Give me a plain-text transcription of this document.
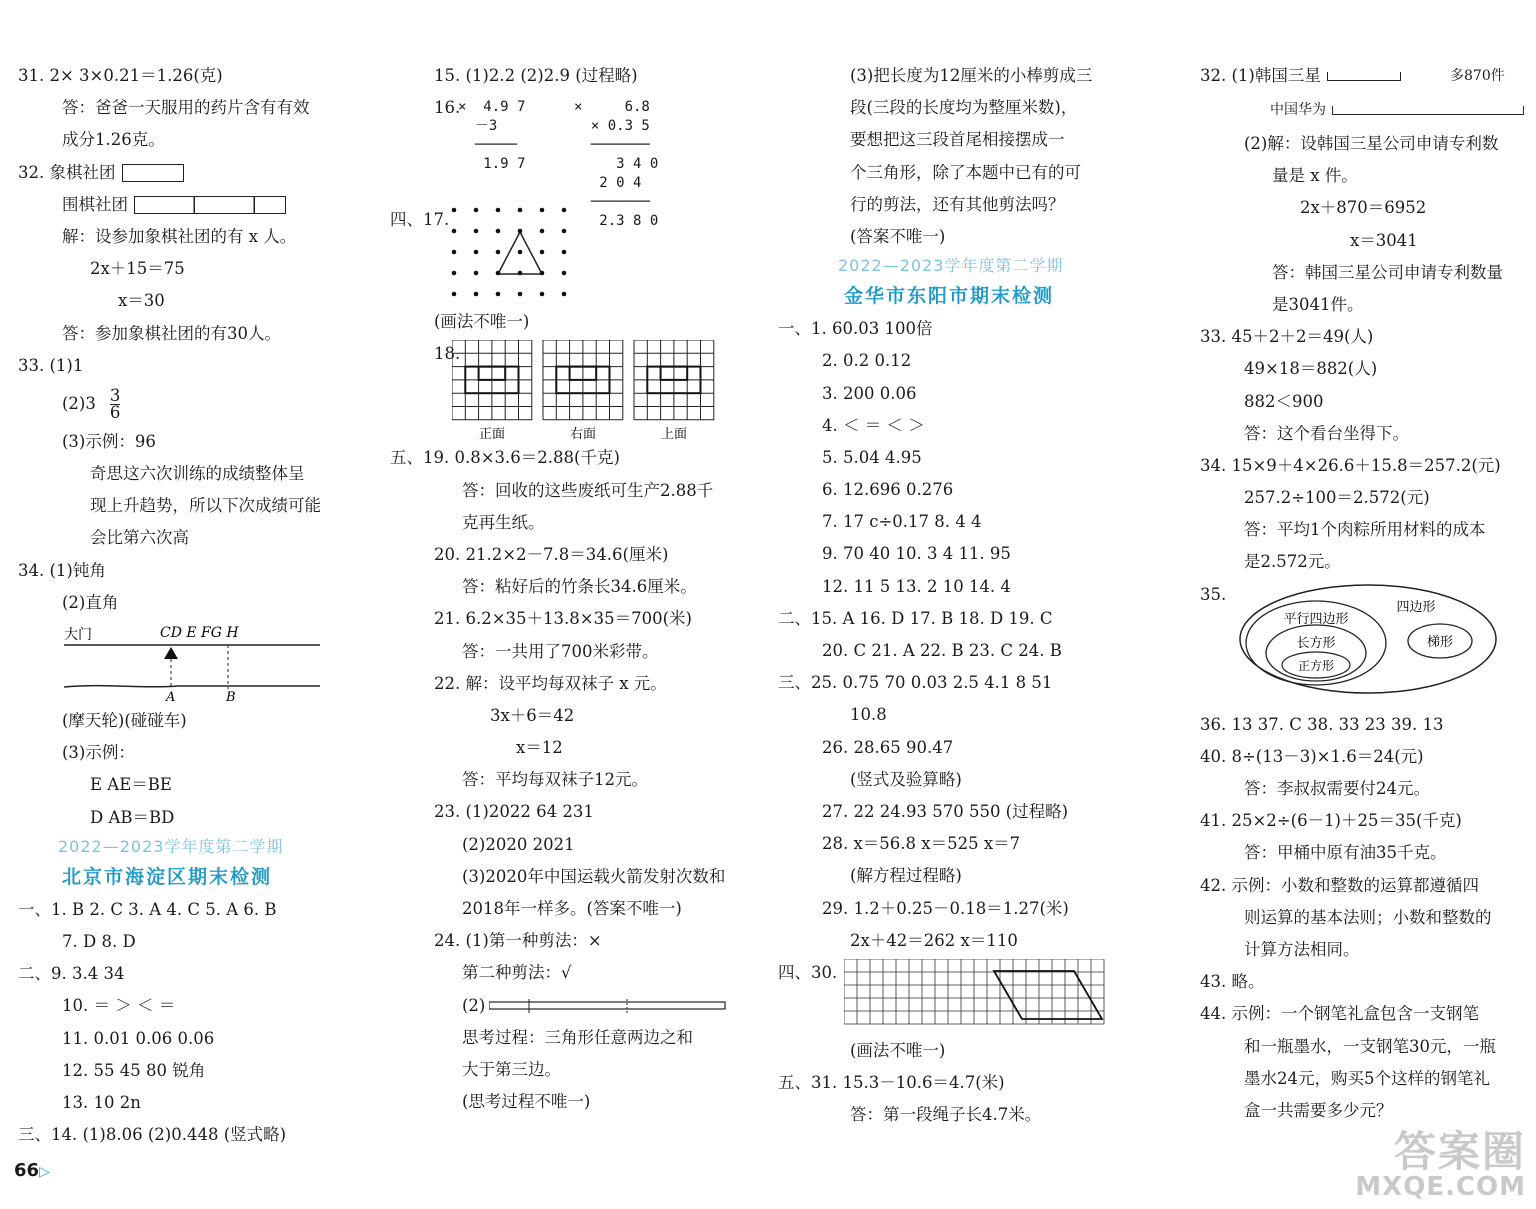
31. 2× 3×0.21＝1.26(克)
答：爸爸一天服用的药片含有有效
成分1.26克。
32. 象棋社团
围棋社团
解：设参加象棋社团的有 x 人。
2x＋15＝75
x＝30
答：参加象棋社团的有30人。
33. (1)1
$(2)3 \frac{3}{6}$
(3)示例：96
奇思这六次训练的成绩整体呈
现上升趋势，所以下次成绩可能
会比第六次高
34. (1)钝角
(2)直角
大门	CD E FG H
A	B
(摩天轮)(碰碰车)
(3)示例：
E AE＝BE
D AB＝BD
2022—2023学年度第二学期
北京市海淀区期末检测
一、1. B 2. C 3. A 4. C 5. A 6. B
7. D 8. D
二、9. 3.4 34
10. ＝ ＞ ＜ ＝
11. 0.01 0.06 0.06
12. 55 45 80 锐角
13. 10 2n
三、14. (1)8.06 (2)0.448 (竖式略)
15. (1)2.2 (2)2.9 (过程略)
16.
×  4.9 7
－3
─────
1.9 7
×     6.8
× 0.3 5
───────
3 4 0
2 0 4
───────
2.3 8 0
四、17.
(画法不唯一)
18.
正面	右面	上面
五、19. 0.8×3.6＝2.88(千克)
答：回收的这些废纸可生产2.88千
克再生纸。
20. 21.2×2－7.8＝34.6(厘米)
答：粘好后的竹条长34.6厘米。
21. 6.2×35＋13.8×35＝700(米)
答：一共用了700米彩带。
22. 解：设平均每双袜子 x 元。
3x＋6＝42
x＝12
答：平均每双袜子12元。
23. (1)2022 64 231
(2)2020 2021
(3)2020年中国运载火箭发射次数和
2018年一样多。(答案不唯一)
24. (1)第一种剪法：×
第二种剪法：√
(2)
思考过程：三角形任意两边之和
大于第三边。
(思考过程不唯一)
(3)把长度为12厘米的小棒剪成三
段(三段的长度均为整厘米数)，
要想把这三段首尾相接摆成一
个三角形，除了本题中已有的可
行的剪法，还有其他剪法吗？
(答案不唯一)
2022—2023学年度第二学期
金华市东阳市期末检测
一、1. 60.03 100倍
2. 0.2 0.12
3. 200 0.06
4. ＜ ＝ ＜ ＞
5. 5.04 4.95
6. 12.696 0.276
7. 17 c÷0.17 8. 4 4
9. 70 40 10. 3 4 11. 95
12. 11 5 13. 2 10 14. 4
二、15. A 16. D 17. B 18. D 19. C
20. C 21. A 22. B 23. C 24. B
三、25. 0.75 70 0.03 2.5 4.1 8 51
10.8
26. 28.65 90.47
(竖式及验算略)
27. 22 24.93 570 550 (过程略)
28. x＝56.8 x＝525 x＝7
(解方程过程略)
29. 1.2＋0.25－0.18＝1.27(米)
2x＋42＝262 x＝110
四、30.
(画法不唯一)
五、31. 15.3－10.6＝4.7(米)
答：第一段绳子长4.7米。
32. (1)韩国三星	多870件
中国华为
(2)解：设韩国三星公司申请专利数
量是 x 件。
2x＋870＝6952
x＝3041
答：韩国三星公司申请专利数量
是3041件。
33. 45＋2＋2＝49(人)
49×18＝882(人)
882＜900
答：这个看台坐得下。
34. 15×9＋4×26.6＋15.8＝257.2(元)
257.2÷100＝2.572(元)
答：平均1个肉粽所用材料的成本
是2.572元。
35.
四边形
平行四边形
长方形
正方形
梯形
36. 13 37. C 38. 33 23 39. 13
40. 8÷(13－3)×1.6＝24(元)
答：李叔叔需要付24元。
41. 25×2÷(6－1)＋25＝35(千克)
答：甲桶中原有油35千克。
42. 示例：小数和整数的运算都遵循四
则运算的基本法则；小数和整数的
计算方法相同。
43. 略。
44. 示例：一个钢笔礼盒包含一支钢笔
和一瓶墨水，一支钢笔30元，一瓶
墨水24元，购买5个这样的钢笔礼
盒一共需要多少元？
66▷	答案圈
MXQE.COM
